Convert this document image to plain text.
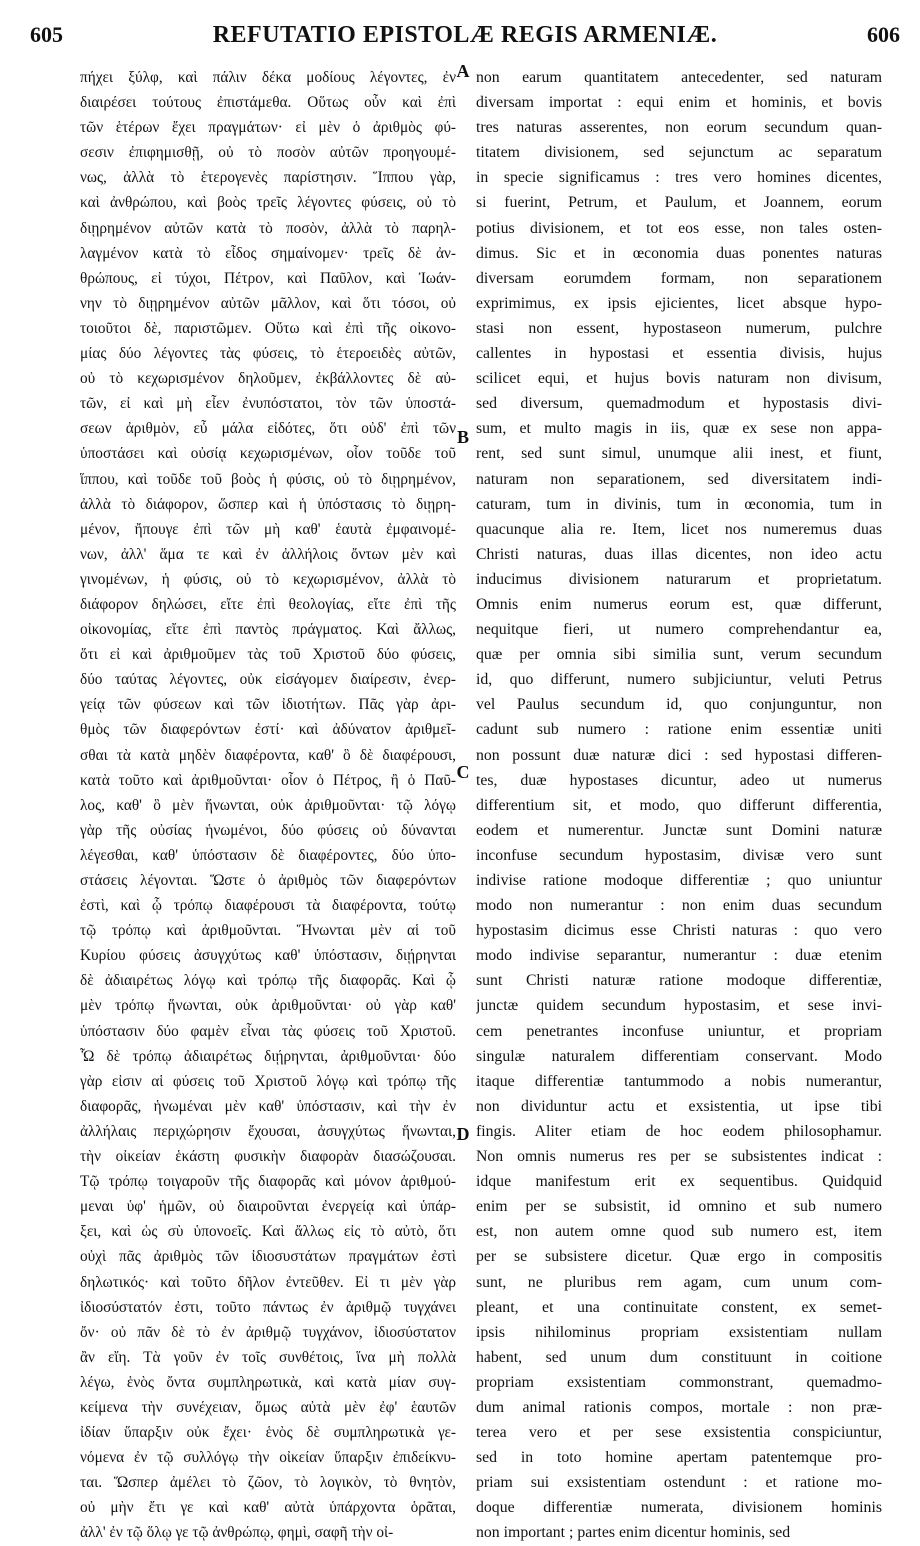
605	REFUTATIO EPISTOLÆ REGIS ARMENIÆ.	606
πήχει ξύλφ, καὶ πάλιν δέκα μοδίους λέγοντες, ἐν
διαιρέσει τούτους ἐπιστάμεθα. Οὕτως οὖν καὶ ἐπὶ
τῶν ἑτέρων ἔχει πραγμάτων· εἰ μὲν ὁ ἀριθμὸς φύ-
σεσιν ἐπιφημισθῇ, οὐ τὸ ποσὸν αὐτῶν προηγουμέ-
νως, ἀλλὰ τὸ ἑτερογενὲς παρίστησιν. Ἵππου γὰρ,
καὶ ἀνθρώπου, καὶ βοὸς τρεῖς λέγοντες φύσεις, οὐ τὸ
διῃρημένον αὐτῶν κατὰ τὸ ποσὸν, ἀλλὰ τὸ παρηλ-
λαγμένον κατὰ τὸ εἶδος σημαίνομεν· τρεῖς δὲ ἀν-
θρώπους, εἰ τύχοι, Πέτρον, καὶ Παῦλον, καὶ Ἰωάν-
νην τὸ διῃρημένον αὐτῶν μᾶλλον, καὶ ὅτι τόσοι, οὐ
τοιοῦτοι δὲ, παριστῶμεν. Οὕτω καὶ ἐπὶ τῆς οἰκονο-
μίας δύο λέγοντες τὰς φύσεις, τὸ ἑτεροειδὲς αὐτῶν,
οὐ τὸ κεχωρισμένον δηλοῦμεν, ἐκβάλλοντες δὲ αὐ-
τῶν, εἰ καὶ μὴ εἶεν ἐνυπόστατοι, τὸν τῶν ὑποστά-
σεων ἀριθμὸν, εὖ μάλα εἰδότες, ὅτι οὐδ' ἐπὶ τῶν
ὑποστάσει καὶ οὐσίᾳ κεχωρισμένων, οἷον τοῦδε τοῦ
ἵππου, καὶ τοῦδε τοῦ βοὸς ἡ φύσις, οὐ τὸ διῃρημένον,
ἀλλὰ τὸ διάφορον, ὥσπερ καὶ ἡ ὑπόστασις τὸ διῃρη-
μένον, ἤπουγε ἐπὶ τῶν μὴ καθ' ἑαυτὰ ἐμφαινομέ-
νων, ἀλλ' ἅμα τε καὶ ἐν ἀλλήλοις ὄντων μὲν καὶ
γινομένων, ἡ φύσις, οὐ τὸ κεχωρισμένον, ἀλλὰ τὸ
διάφορον δηλώσει, εἴτε ἐπὶ θεολογίας, εἴτε ἐπὶ τῆς
οἰκονομίας, εἴτε ἐπὶ παντὸς πράγματος. Καὶ ἄλλως,
ὅτι εἰ καὶ ἀριθμοῦμεν τὰς τοῦ Χριστοῦ δύο φύσεις,
δύο ταύτας λέγοντες, οὐκ εἰσάγομεν διαίρεσιν, ἐνερ-
γείᾳ τῶν φύσεων καὶ τῶν ἰδιοτήτων. Πᾶς γὰρ ἀρι-
θμὸς τῶν διαφερόντων ἐστί· καὶ ἀδύνατον ἀριθμεῖ-
σθαι τὰ κατὰ μηδὲν διαφέροντα, καθ' ὃ δὲ διαφέρουσι,
κατὰ τοῦτο καὶ ἀριθμοῦνται· οἷον ὁ Πέτρος, ἢ ὁ Παῦ-
λος, καθ' ὃ μὲν ἥνωνται, οὐκ ἀριθμοῦνται· τῷ λόγῳ
γὰρ τῆς οὐσίας ἡνωμένοι, δύο φύσεις οὐ δύνανται
λέγεσθαι, καθ' ὑπόστασιν δὲ διαφέροντες, δύο ὑπο-
στάσεις λέγονται. Ὥστε ὁ ἀριθμὸς τῶν διαφερόντων
ἐστὶ, καὶ ᾧ τρόπῳ διαφέρουσι τὰ διαφέροντα, τούτῳ
τῷ τρόπῳ καὶ ἀριθμοῦνται. Ἥνωνται μὲν αἱ τοῦ
Κυρίου φύσεις ἀσυγχύτως καθ' ὑπόστασιν, διῄρηνται
δὲ ἀδιαιρέτως λόγῳ καὶ τρόπῳ τῆς διαφορᾶς. Καὶ ᾧ
μὲν τρόπῳ ἥνωνται, οὐκ ἀριθμοῦνται· οὐ γὰρ καθ'
ὑπόστασιν δύο φαμὲν εἶναι τὰς φύσεις τοῦ Χριστοῦ.
Ὧ δὲ τρόπῳ ἀδιαιρέτως διῄρηνται, ἀριθμοῦνται· δύο
γὰρ εἰσιν αἱ φύσεις τοῦ Χριστοῦ λόγῳ καὶ τρόπῳ τῆς
διαφορᾶς, ἡνωμέναι μὲν καθ' ὑπόστασιν, καὶ τὴν ἐν
ἀλλήλαις περιχώρησιν ἔχουσαι, ἀσυγχύτως ἥνωνται,
τὴν οἰκείαν ἑκάστη φυσικὴν διαφορὰν διασώζουσαι.
Τῷ τρόπῳ τοιγαροῦν τῆς διαφορᾶς καὶ μόνον ἀριθμού-
μεναι ὑφ' ἡμῶν, οὐ διαιροῦνται ἐνεργείᾳ καὶ ὑπάρ-
ξει, καὶ ὡς σὺ ὑπονοεῖς. Καὶ ἄλλως εἰς τὸ αὐτὸ, ὅτι
οὐχὶ πᾶς ἀριθμὸς τῶν ἰδιοσυστάτων πραγμάτων ἐστὶ
δηλωτικός· καὶ τοῦτο δῆλον ἐντεῦθεν. Εἰ τι μὲν γὰρ
ἰδιοσύστατόν ἐστι, τοῦτο πάντως ἐν ἀριθμῷ τυγχάνει
ὄν· οὐ πᾶν δὲ τὸ ἐν ἀριθμῷ τυγχάνον, ἰδιοσύστατον
ἂν εἴη. Τὰ γοῦν ἐν τοῖς συνθέτοις, ἵνα μὴ πολλὰ
λέγω, ἑνὸς ὄντα συμπληρωτικὰ, καὶ κατὰ μίαν συγ-
κείμενα τὴν συνέχειαν, ὅμως αὐτὰ μὲν ἐφ' ἑαυτῶν
ἰδίαν ὕπαρξιν οὐκ ἔχει· ἑνὸς δὲ συμπληρωτικὰ γε-
νόμενα ἐν τῷ συλλόγῳ τὴν οἰκείαν ὕπαρξιν ἐπιδείκνυ-
ται. Ὥσπερ ἀμέλει τὸ ζῶον, τὸ λογικὸν, τὸ θνητὸν,
οὐ μὴν ἔτι γε καὶ καθ' αὐτὰ ὑπάρχοντα ὁρᾶται,
ἀλλ' ἐν τῷ ὅλῳ γε τῷ ἀνθρώπῳ, φημὶ, σαφῆ τὴν οἰ-
A
B
C
D
non earum quantitatem antecedenter, sed naturam
diversam importat : equi enim et hominis, et bovis
tres naturas asserentes, non eorum secundum quan-
titatem divisionem, sed sejunctum ac separatum
in specie significamus : tres vero homines dicentes,
si fuerint, Petrum, et Paulum, et Joannem, eorum
potius divisionem, et tot eos esse, non tales osten-
dimus. Sic et in œconomia duas ponentes naturas
diversam eorumdem formam, non separationem
exprimimus, ex ipsis ejicientes, licet absque hypo-
stasi non essent, hypostaseon numerum, pulchre
callentes in hypostasi et essentia divisis, hujus
scilicet equi, et hujus bovis naturam non divisum,
sed diversum, quemadmodum et hypostasis divi-
sum, et multo magis in iis, quæ ex sese non appa-
rent, sed sunt simul, unumque alii inest, et fiunt,
naturam non separationem, sed diversitatem indi-
caturam, tum in divinis, tum in œconomia, tum in
quacunque alia re. Item, licet nos numeremus duas
Christi naturas, duas illas dicentes, non ideo actu
inducimus divisionem naturarum et proprietatum.
Omnis enim numerus eorum est, quæ differunt,
nequitque fieri, ut numero comprehendantur ea,
quæ per omnia sibi similia sunt, verum secundum
id, quo differunt, numero subjiciuntur, veluti Petrus
vel Paulus secundum id, quo conjunguntur, non
cadunt sub numero : ratione enim essentiæ uniti
non possunt duæ naturæ dici : sed hypostasi differen-
tes, duæ hypostases dicuntur, adeo ut numerus
differentium sit, et modo, quo differunt differentia,
eodem et numerentur. Junctæ sunt Domini naturæ
inconfuse secundum hypostasim, divisæ vero sunt
indivise ratione modoque differentiæ ; quo uniuntur
modo non numerantur : non enim duas secundum
hypostasim dicimus esse Christi naturas : quo vero
modo indivise separantur, numerantur : duæ etenim
sunt Christi naturæ ratione modoque differentiæ,
junctæ quidem secundum hypostasim, et sese invi-
cem penetrantes inconfuse uniuntur, et propriam
singulæ naturalem differentiam conservant. Modo
itaque differentiæ tantummodo a nobis numerantur,
non dividuntur actu et exsistentia, ut ipse tibi
fingis. Aliter etiam de hoc eodem philosophamur.
Non omnis numerus res per se subsistentes indicat :
idque manifestum erit ex sequentibus. Quidquid
enim per se subsistit, id omnino et sub numero
est, non autem omne quod sub numero est, item
per se subsistere dicetur. Quæ ergo in compositis
sunt, ne pluribus rem agam, cum unum com-
pleant, et una continuitate constent, ex semet-
ipsis nihilominus propriam exsistentiam nullam
habent, sed unum dum constituunt in coitione
propriam exsistentiam commonstrant, quemadmo-
dum animal rationis compos, mortale : non præ-
terea vero et per sese exsistentia conspiciuntur,
sed in toto homine apertam patentemque pro-
priam sui exsistentiam ostendunt : et ratione mo-
doque differentiæ numerata, divisionem hominis
non important ; partes enim dicentur hominis, sed
